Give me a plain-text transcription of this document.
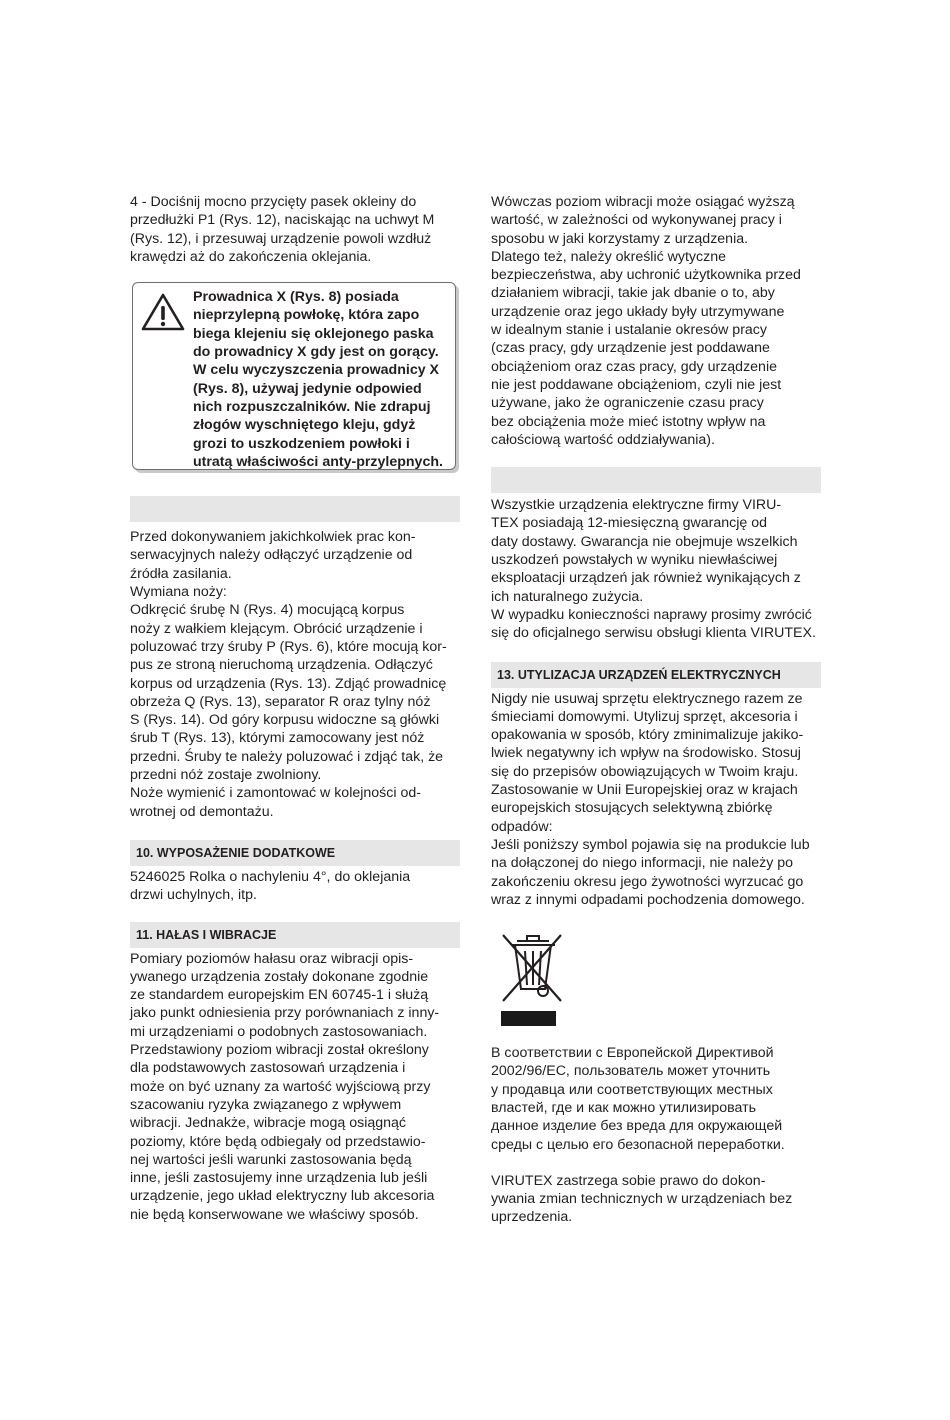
4 - Dociśnij mocno przycięty pasek okleiny do
przedłużki P1 (Rys. 12), naciskając na uchwyt M
(Rys. 12), i przesuwaj urządzenie powoli wzdłuż
krawędzi aż do zakończenia oklejania.

Prowadnica X (Rys. 8) posiada
nieprzylepną powłokę, która zapo
biega klejeniu się oklejonego paska
do prowadnicy X gdy jest on gorący.
W celu wyczyszczenia prowadnicy X
(Rys. 8), używaj jedynie odpowied
nich rozpuszczalników. Nie zdrapuj
złogów wyschniętego kleju, gdyż
grozi to uszkodzeniem powłoki i
utratą właściwości anty-przylepnych.

Przed dokonywaniem jakichkolwiek prac kon-
serwacyjnych należy odłączyć urządzenie od
źródła zasilania.
Wymiana noży:
Odkręcić śrubę N (Rys. 4) mocującą korpus
noży z wałkiem klejącym. Obrócić urządzenie i
poluzować trzy śruby P (Rys. 6), które mocują kor-
pus ze stroną nieruchomą urządzenia. Odłączyć
korpus od urządzenia (Rys. 13). Zdjąć prowadnicę
obrzeża Q (Rys. 13), separator R oraz tylny nóż
S (Rys. 14). Od góry korpusu widoczne są główki
śrub T (Rys. 13), którymi zamocowany jest nóż
przedni. Śruby te należy poluzować i zdjąć tak, że
przedni nóż zostaje zwolniony.
Noże wymienić i zamontować w kolejności od-
wrotnej od demontażu.

10. WYPOSAŻENIE DODATKOWE

5246025 Rolka o nachyleniu 4°, do oklejania
drzwi uchylnych, itp.

11. HAŁAS I WIBRACJE

Pomiary poziomów hałasu oraz wibracji opis-
ywanego urządzenia zostały dokonane zgodnie
ze standardem europejskim EN 60745-1 i służą
jako punkt odniesienia przy porównaniach z inny-
mi urządzeniami o podobnych zastosowaniach.
Przedstawiony poziom wibracji został określony
dla podstawowych zastosowań urządzenia i
może on być uznany za wartość wyjściową przy
szacowaniu ryzyka związanego z wpływem
wibracji. Jednakże, wibracje mogą osiągnąć
poziomy, które będą odbiegały od przedstawio-
nej wartości jeśli warunki zastosowania będą
inne, jeśli zastosujemy inne urządzenia lub jeśli
urządzenie, jego układ elektryczny lub akcesoria
nie będą konserwowane we właściwy sposób.

Wówczas poziom wibracji może osiągać wyższą
wartość, w zależności od wykonywanej pracy i
sposobu w jaki korzystamy z urządzenia.
Dlatego też, należy określić wytyczne
bezpieczeństwa, aby uchronić użytkownika przed
działaniem wibracji, takie jak dbanie o to, aby
urządzenie oraz jego układy były utrzymywane
w idealnym stanie i ustalanie okresów pracy
(czas pracy, gdy urządzenie jest poddawane
obciążeniom oraz czas pracy, gdy urządzenie
nie jest poddawane obciążeniom, czyli nie jest
używane, jako że ograniczenie czasu pracy
bez obciążenia może mieć istotny wpływ na
całościową wartość oddziaływania).

Wszystkie urządzenia elektryczne firmy VIRU-
TEX posiadają 12-miesięczną gwarancję od
daty dostawy. Gwarancja nie obejmuje wszelkich
uszkodzeń powstałych w wyniku niewłaściwej
eksploatacji urządzeń jak również wynikających z
ich naturalnego zużycia.
W wypadku konieczności naprawy prosimy zwrócić
się do oficjalnego serwisu obsługi klienta VIRUTEX.

13. UTYLIZACJA URZĄDZEŃ ELEKTRYCZNYCH

Nigdy nie usuwaj sprzętu elektrycznego razem ze
śmieciami domowymi. Utylizuj sprzęt, akcesoria i
opakowania w sposób, który zminimalizuje jakiko-
lwiek negatywny ich wpływ na środowisko. Stosuj
się do przepisów obowiązujących w Twoim kraju.
Zastosowanie w Unii Europejskiej oraz w krajach
europejskich stosujących selektywną zbiórkę
odpadów:
Jeśli poniższy symbol pojawia się na produkcie lub
na dołączonej do niego informacji, nie należy po
zakończeniu okresu jego żywotności wyrzucać go
wraz z innymi odpadami pochodzenia domowego.

В соответствии с Европейской Директивой
2002/96/EC, пользователь может уточнить
у продавца или соответствующих местных
властей, где и как можно утилизировать
данное изделие без вреда для окружающей
среды с целью его безопасной переработки.

VIRUTEX zastrzega sobie prawo do dokon-
ywania zmian technicznych w urządzeniach bez
uprzedzenia.
